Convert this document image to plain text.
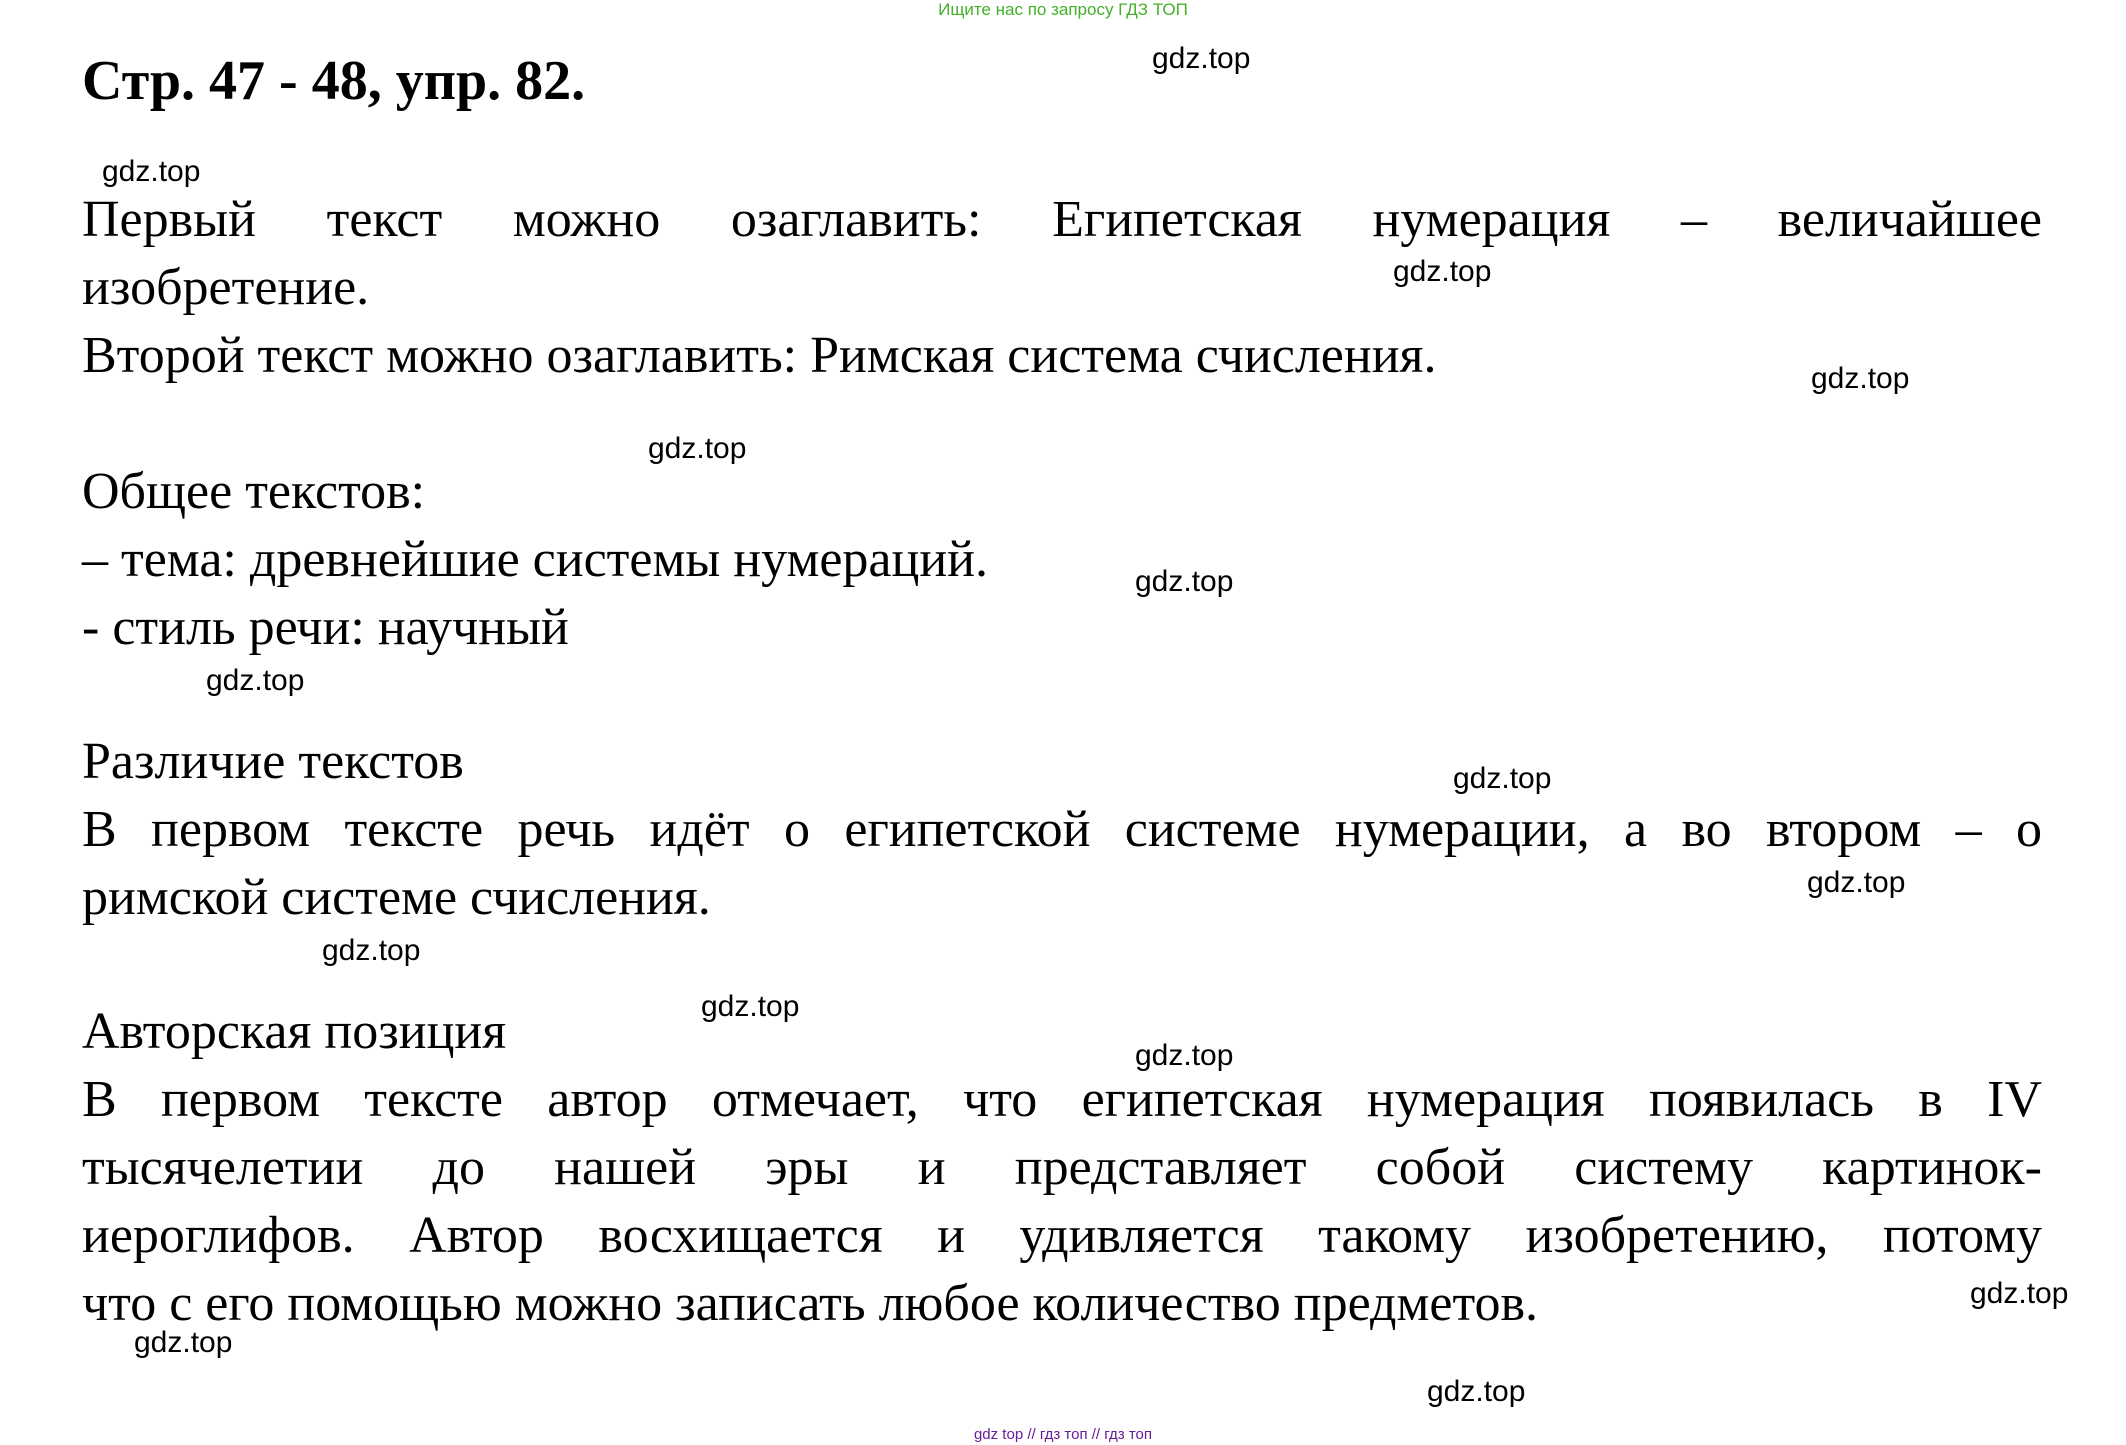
Ищите нас по запросу ГДЗ ТОП
Стр. 47 - 48, упр. 82.
Первый текст можно озаглавить: Египетская нумерация – величайшее
изобретение.
Второй текст можно озаглавить: Римская система счисления.
Общее текстов:
– тема: древнейшие системы нумераций.
- стиль речи: научный
Различие текстов
В первом тексте речь идёт о египетской системе нумерации, а во втором – о
римской системе счисления.
Авторская позиция
В первом тексте автор отмечает, что египетская нумерация появилась в IV
тысячелетии до нашей эры и представляет собой систему картинок-
иероглифов. Автор восхищается и удивляется такому изобретению, потому
что с его помощью можно записать любое количество предметов.
gdz.top
gdz.top
gdz.top
gdz.top
gdz.top
gdz.top
gdz.top
gdz.top
gdz.top
gdz.top
gdz.top
gdz.top
gdz.top
gdz.top
gdz.top
gdz top // гдз топ // гдз топ
